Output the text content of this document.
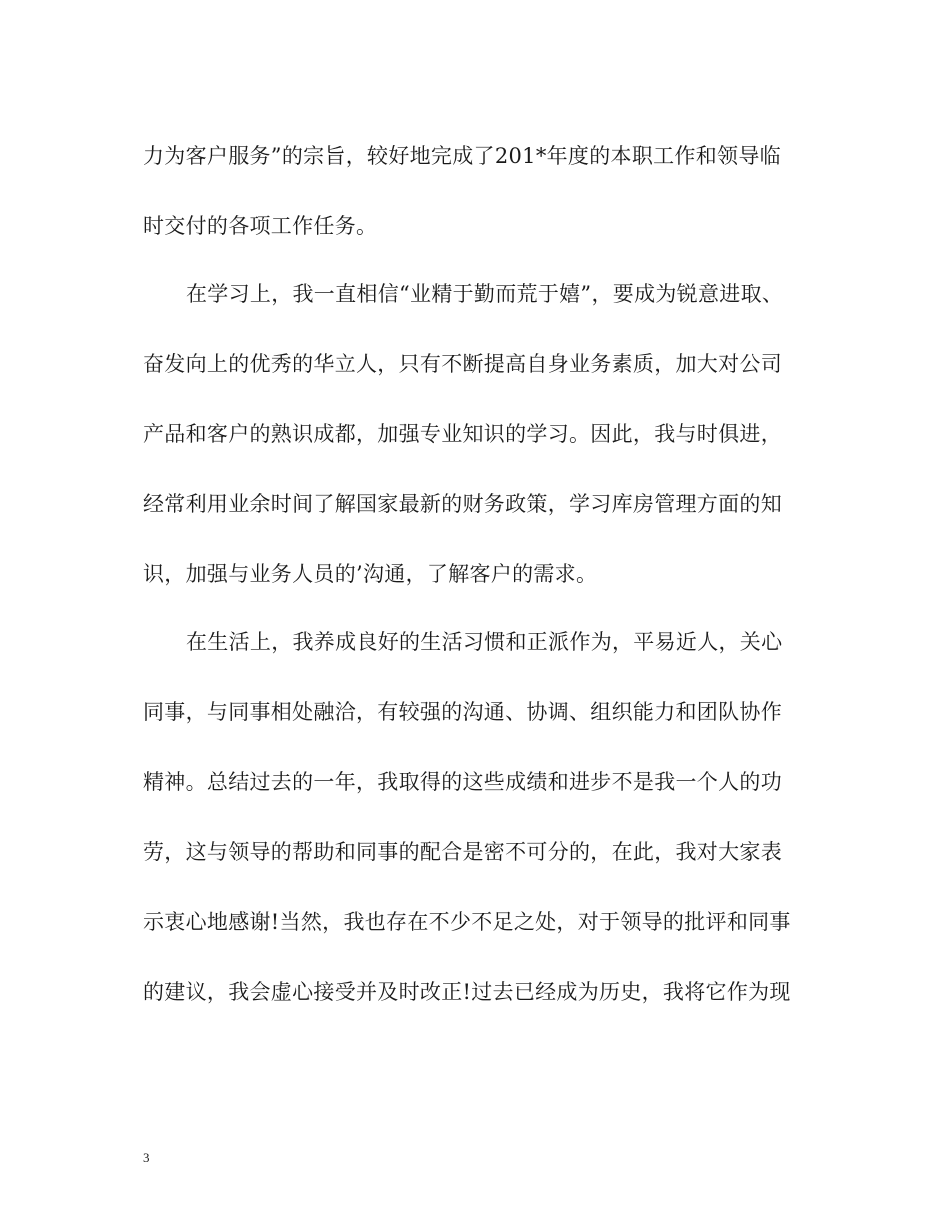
力为客户服务”的宗旨，较好地完成了201*年度的本职工作和领导临
时交付的各项工作任务。
在学习上，我一直相信“业精于勤而荒于嬉”，要成为锐意进取、
奋发向上的优秀的华立人，只有不断提高自身业务素质，加大对公司
产品和客户的熟识成都，加强专业知识的学习。因此，我与时俱进，
经常利用业余时间了解国家最新的财务政策，学习库房管理方面的知
识，加强与业务人员的’沟通，了解客户的需求。
在生活上，我养成良好的生活习惯和正派作为，平易近人，关心
同事，与同事相处融洽，有较强的沟通、协调、组织能力和团队协作
精神。总结过去的一年，我取得的这些成绩和进步不是我一个人的功
劳，这与领导的帮助和同事的配合是密不可分的，在此，我对大家表
示衷心地感谢!当然，我也存在不少不足之处，对于领导的批评和同事
的建议，我会虚心接受并及时改正!过去已经成为历史，我将它作为现
3
